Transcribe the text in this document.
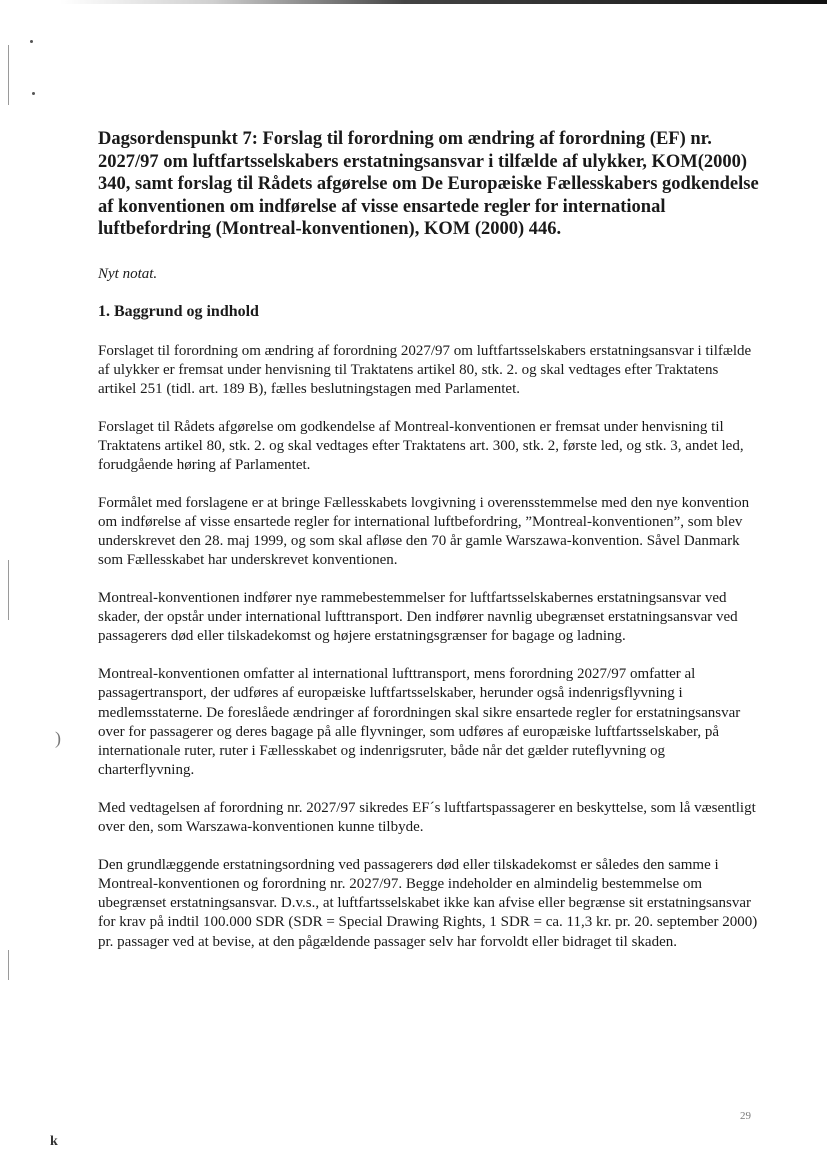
)
k

Dagsordenspunkt 7: Forslag til forordning om ændring af forordning (EF) nr. 2027/97 om luftfartsselskabers erstatningsansvar i tilfælde af ulykker, KOM(2000) 340, samt forslag til Rådets afgørelse om De Europæiske Fællesskabers godkendelse af konventionen om indførelse af visse ensartede regler for international luftbefordring (Montreal-konventionen), KOM (2000) 446.

Nyt notat.

1. Baggrund og indhold

Forslaget til forordning om ændring af forordning 2027/97 om luftfartsselskabers erstatningsansvar i tilfælde af ulykker er fremsat under henvisning til Traktatens artikel 80, stk. 2. og skal vedtages efter Traktatens artikel 251 (tidl. art. 189 B), fælles beslutningstagen med Parlamentet.

Forslaget til Rådets afgørelse om godkendelse af Montreal-konventionen er fremsat under henvisning til Traktatens artikel 80, stk. 2. og skal vedtages efter Traktatens art. 300, stk. 2, første led, og stk. 3, andet led, forudgående høring af Parlamentet.

Formålet med forslagene er at bringe Fællesskabets lovgivning i overensstemmelse med den nye konvention om indførelse af visse ensartede regler for international luftbefordring, ”Montreal-konventionen”, som blev underskrevet den 28. maj 1999, og som skal afløse den 70 år gamle Warszawa-konvention. Såvel Danmark som Fællesskabet har underskrevet konventionen.

Montreal-konventionen indfører nye rammebestemmelser for luftfartsselskabernes erstatningsansvar ved skader, der opstår under international lufttransport. Den indfører navnlig ubegrænset erstatningsansvar ved passagerers død eller tilskadekomst og højere erstatningsgrænser for bagage og ladning.

Montreal-konventionen omfatter al international lufttransport, mens forordning 2027/97 omfatter al passagertransport, der udføres af europæiske luftfartsselskaber, herunder også indenrigsflyvning i medlemsstaterne. De foreslåede ændringer af forordningen skal sikre ensartede regler for erstatningsansvar over for passagerer og deres bagage på alle flyvninger, som udføres af europæiske luftfartsselskaber, på internationale ruter, ruter i Fællesskabet og indenrigsruter, både når det gælder ruteflyvning og charterflyvning.

Med vedtagelsen af forordning nr. 2027/97 sikredes EF´s luftfartspassagerer en beskyttelse, som lå væsentligt over den, som Warszawa-konventionen kunne tilbyde.

Den grundlæggende erstatningsordning ved passagerers død eller tilskadekomst er således den samme i Montreal-konventionen og forordning nr. 2027/97. Begge indeholder en almindelig bestemmelse om ubegrænset erstatningsansvar. D.v.s., at luftfartsselskabet ikke kan afvise eller begrænse sit erstatningsansvar for krav på indtil 100.000 SDR (SDR = Special Drawing Rights, 1 SDR = ca. 11,3 kr. pr. 20. september 2000) pr. passager ved at bevise, at den pågældende passager selv har forvoldt eller bidraget til skaden.

29
